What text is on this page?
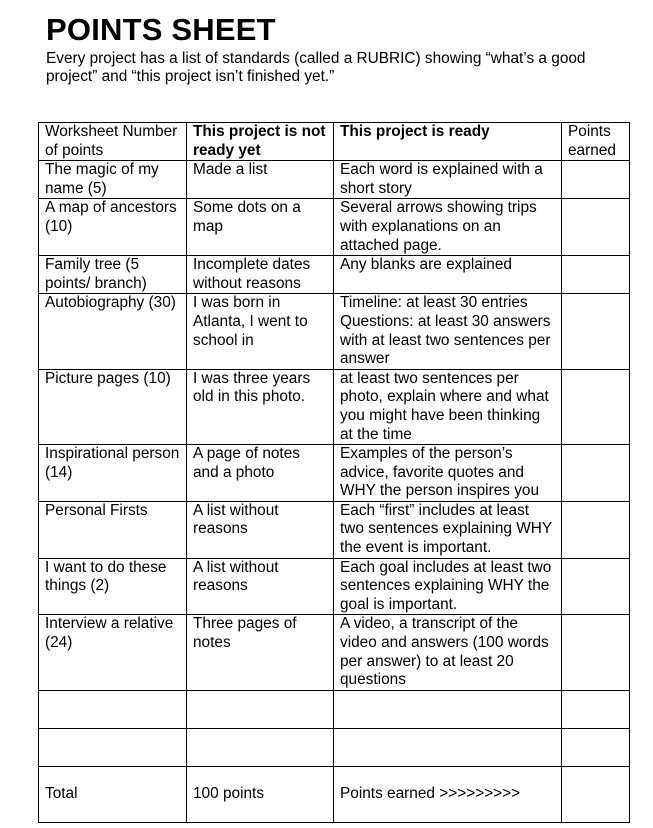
POINTS SHEET
Every project has a list of standards (called a RUBRIC) showing “what’s a good
project” and “this project isn’t finished yet.”
Worksheet Number of points	This project is not ready yet	This project is ready	Points earned
The magic of my name (5)	Made a list	Each word is explained with a short story	
A map of ancestors (10)	Some dots on a map	Several arrows showing trips with explanations on an attached page.	
Family tree (5 points/ branch)	Incomplete dates without reasons	Any blanks are explained	
Autobiography (30)	I was born in Atlanta, I went to school in	Timeline: at least 30 entries Questions: at least 30 answers with at least two sentences per answer	
Picture pages (10)	I was three years old in this photo.	at least two sentences per photo, explain where and what you might have been thinking at the time	
Inspirational person (14)	A page of notes and a photo	Examples of the person’s advice, favorite quotes and WHY the person inspires you	
Personal Firsts	A list without reasons	Each “first” includes at least two sentences explaining WHY the event is important.	
I want to do these things (2)	A list without reasons	Each goal includes at least two sentences explaining WHY the goal is important.	
Interview a relative (24)	Three pages of notes	A video, a transcript of the video and answers (100 words per answer) to at least 20 questions	

Total	100 points	Points earned >>>>>>>>>	
